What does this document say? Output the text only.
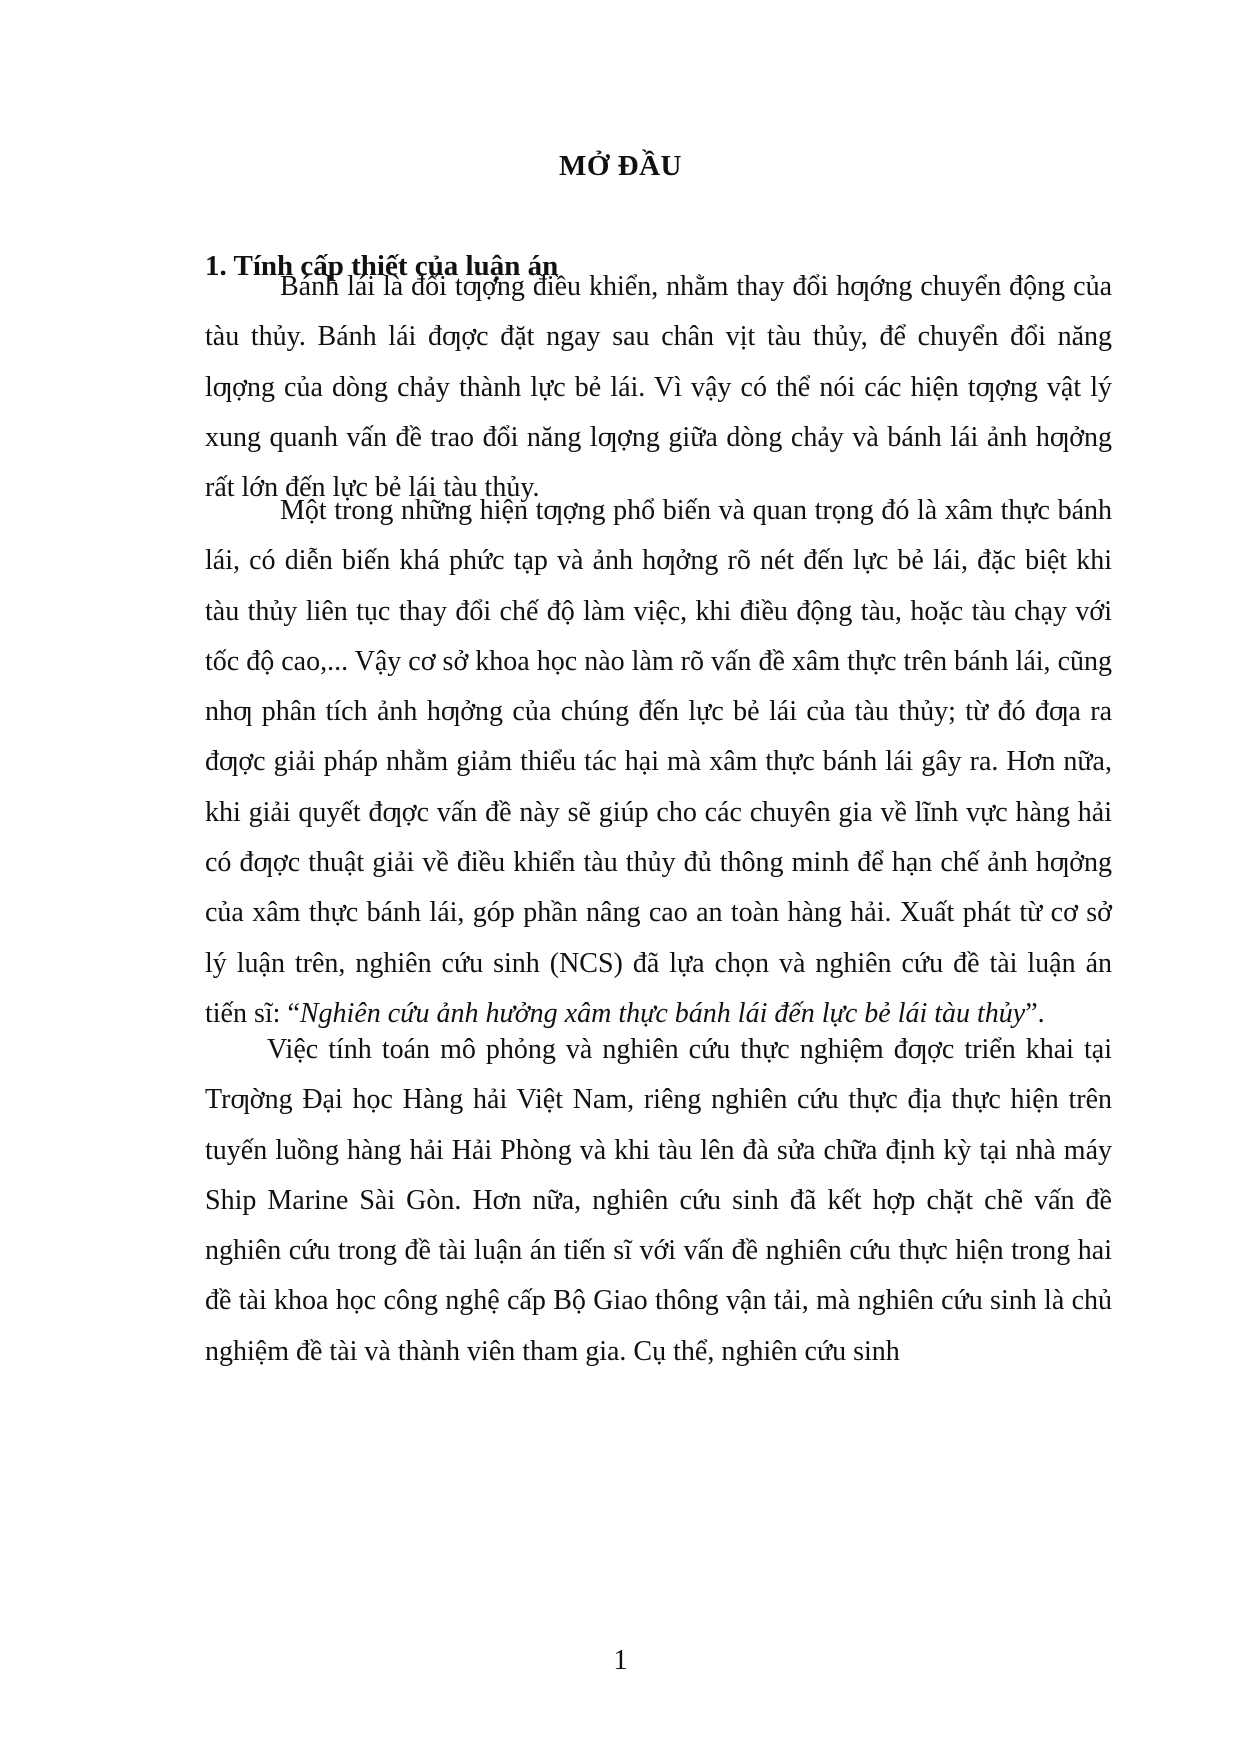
MỞ ĐẦU
1. Tính cấp thiết của luận án

Bánh lái là đối tƣợng điều khiển, nhằm thay đổi hƣớng chuyển động của tàu thủy. Bánh lái đƣợc đặt ngay sau chân vịt tàu thủy, để chuyển đổi năng lƣợng của dòng chảy thành lực bẻ lái. Vì vậy có thể nói các hiện tƣợng vật lý xung quanh vấn đề trao đổi năng lƣợng giữa dòng chảy và bánh lái ảnh hƣởng rất lớn đến lực bẻ lái tàu thủy.

Một trong những hiện tƣợng phổ biến và quan trọng đó là xâm thực bánh lái, có diễn biến khá phức tạp và ảnh hƣởng rõ nét đến lực bẻ lái, đặc biệt khi tàu thủy liên tục thay đổi chế độ làm việc, khi điều động tàu, hoặc tàu chạy với tốc độ cao,... Vậy cơ sở khoa học nào làm rõ vấn đề xâm thực trên bánh lái, cũng nhƣ phân tích ảnh hƣởng của chúng đến lực bẻ lái của tàu thủy; từ đó đƣa ra đƣợc giải pháp nhằm giảm thiểu tác hại mà xâm thực bánh lái gây ra. Hơn nữa, khi giải quyết đƣợc vấn đề này sẽ giúp cho các chuyên gia về lĩnh vực hàng hải có đƣợc thuật giải về điều khiển tàu thủy đủ thông minh để hạn chế ảnh hƣởng của xâm thực bánh lái, góp phần nâng cao an toàn hàng hải. Xuất phát từ cơ sở lý luận trên, nghiên cứu sinh (NCS) đã lựa chọn và nghiên cứu đề tài luận án tiến sĩ: “Nghiên cứu ảnh hưởng xâm thực bánh lái đến lực bẻ lái tàu thủy”.

Việc tính toán mô phỏng và nghiên cứu thực nghiệm đƣợc triển khai tại Trƣờng Đại học Hàng hải Việt Nam, riêng nghiên cứu thực địa thực hiện trên tuyến luồng hàng hải Hải Phòng và khi tàu lên đà sửa chữa định kỳ tại nhà máy Ship Marine Sài Gòn. Hơn nữa, nghiên cứu sinh đã kết hợp chặt chẽ vấn đề nghiên cứu trong đề tài luận án tiến sĩ với vấn đề nghiên cứu thực hiện trong hai đề tài khoa học công nghệ cấp Bộ Giao thông vận tải, mà nghiên cứu sinh là chủ nghiệm đề tài và thành viên tham gia. Cụ thể, nghiên cứu sinh

1
